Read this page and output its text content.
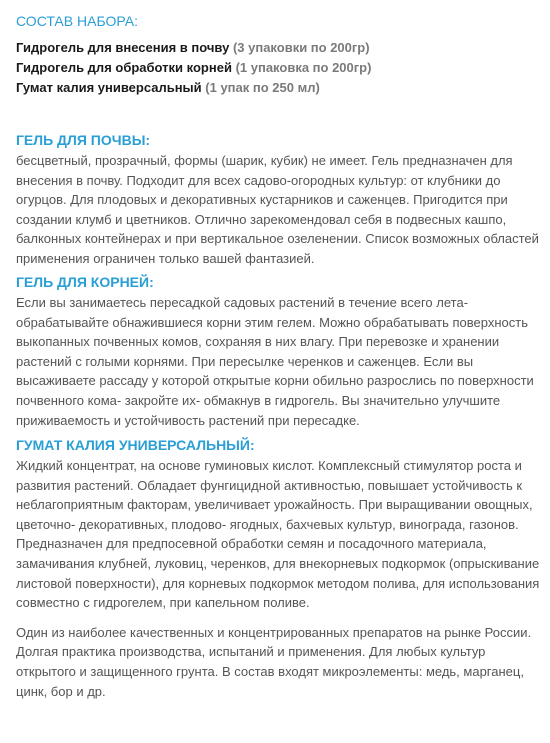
СОСТАВ НАБОРА:
Гидрогель для внесения в почву (3 упаковки по 200гр)
Гидрогель для обработки корней (1 упаковка по 200гр)
Гумат калия универсальный (1 упак по 250 мл)
ГЕЛЬ ДЛЯ ПОЧВЫ:

бесцветный, прозрачный, формы (шарик, кубик) не имеет. Гель предназначен для внесения в почву. Подходит для всех садово-огородных культур: от клубники до огурцов. Для плодовых и декоративных кустарников и саженцев. Пригодится при создании клумб и цветников. Отлично зарекомендовал себя в подвесных кашпо, балконных контейнерах и при вертикальное озеленении. Список возможных областей применения ограничен только вашей фантазией.

ГЕЛЬ ДЛЯ КОРНЕЙ:

Если вы занимаетесь пересадкой садовых растений в течение всего лета- обрабатывайте обнажившиеся корни этим гелем. Можно обрабатывать поверхность выкопанных почвенных комов, сохраняя в них влагу. При перевозке и хранении растений с голыми корнями. При пересылке черенков и саженцев. Если вы высаживаете рассаду у которой открытые корни обильно разрослись по поверхности почвенного кома- закройте их- обмакнув в гидрогель. Вы значительно улучшите приживаемость и устойчивость растений при пересадке.

ГУМАТ КАЛИЯ УНИВЕРСАЛЬНЫЙ:

Жидкий концентрат, на основе гуминовых кислот. Комплексный стимулятор роста и развития растений. Обладает фунгицидной активностью, повышает устойчивость к неблагоприятным факторам, увеличивает урожайность. При выращивании овощных, цветочно- декоративных, плодово- ягодных, бахчевых культур, винограда, газонов. Предназначен для предпосевной обработки семян и посадочного материала, замачивания клубней, луковиц, черенков, для внекорневых подкормок (опрыскивание листовой поверхности), для корневых подкормок методом полива, для использования совместно с гидрогелем, при капельном поливе.

Один из наиболее качественных и концентрированных препаратов на рынке России. Долгая практика производства, испытаний и применения. Для любых культур открытого и защищенного грунта. В состав входят микроэлементы: медь, марганец, цинк, бор и др.
